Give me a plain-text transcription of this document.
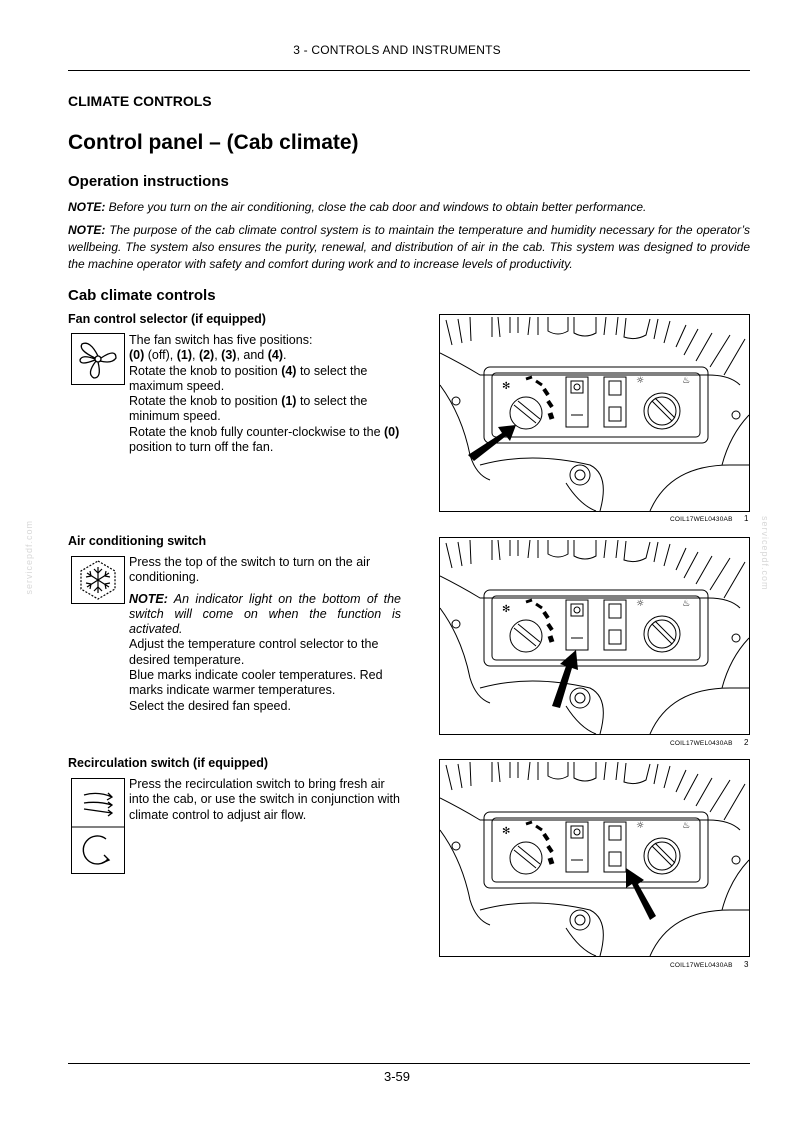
3 - CONTROLS AND INSTRUMENTS
CLIMATE CONTROLS
Control panel – (Cab climate)
Operation instructions
NOTE: Before you turn on the air conditioning, close the cab door and windows to obtain better performance.
NOTE: The purpose of the cab climate control system is to maintain the temperature and humidity necessary for the operator’s wellbeing. The system also ensures the purity, renewal, and distribution of air in the cab. This system was designed to provide the machine operator with safety and comfort during work and to increase levels of productivity.
Cab climate controls
Fan control selector (if equipped)

The fan switch has five positions:

(0) (off), (1), (2), (3), and (4).

Rotate the knob to position (4) to select the maximum speed.

Rotate the knob to position (1) to select the minimum speed.

Rotate the knob fully counter-clockwise to the (0) position to turn off the fan.

COIL17WEL0430AB 1
Air conditioning switch

Press the top of the switch to turn on the air conditioning.

NOTE: An indicator light on the bottom of the switch will come on when the function is activated.

Adjust the temperature control selector to the desired temperature.

Blue marks indicate cooler temperatures. Red marks indicate warmer temperatures.

Select the desired fan speed.

COIL17WEL0430AB 2
Recirculation switch (if equipped)

Press the recirculation switch to bring fresh air into the cab, or use the switch in conjunction with climate control to adjust air flow.

COIL17WEL0430AB 3
servicepdf.com	servicepdf.com
3-59
